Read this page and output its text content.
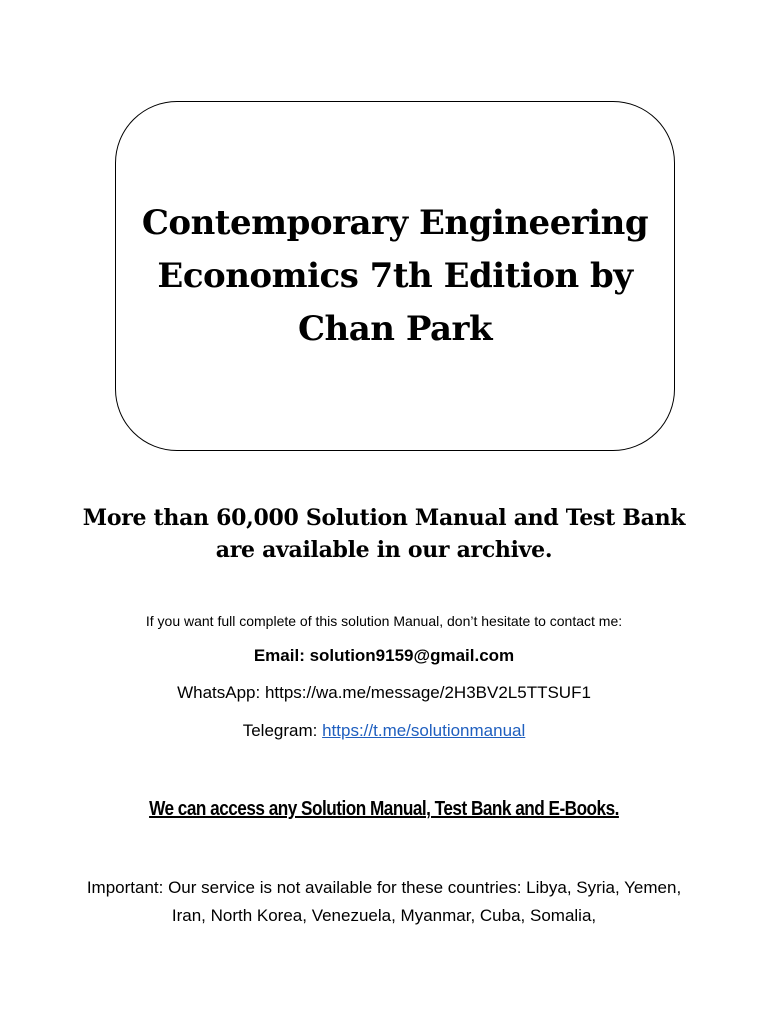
Contemporary Engineering Economics 7th Edition by Chan Park
More than 60,000 Solution Manual and Test Bank are available in our archive.
If you want full complete of this solution Manual, don’t hesitate to contact me:
Email: solution9159@gmail.com
WhatsApp: https://wa.me/message/2H3BV2L5TTSUF1
Telegram: https://t.me/solutionmanual
We can access any Solution Manual, Test Bank and E-Books.

Important: Our service is not available for these countries: Libya, Syria, Yemen, Iran, North Korea, Venezuela, Myanmar, Cuba, Somalia,
